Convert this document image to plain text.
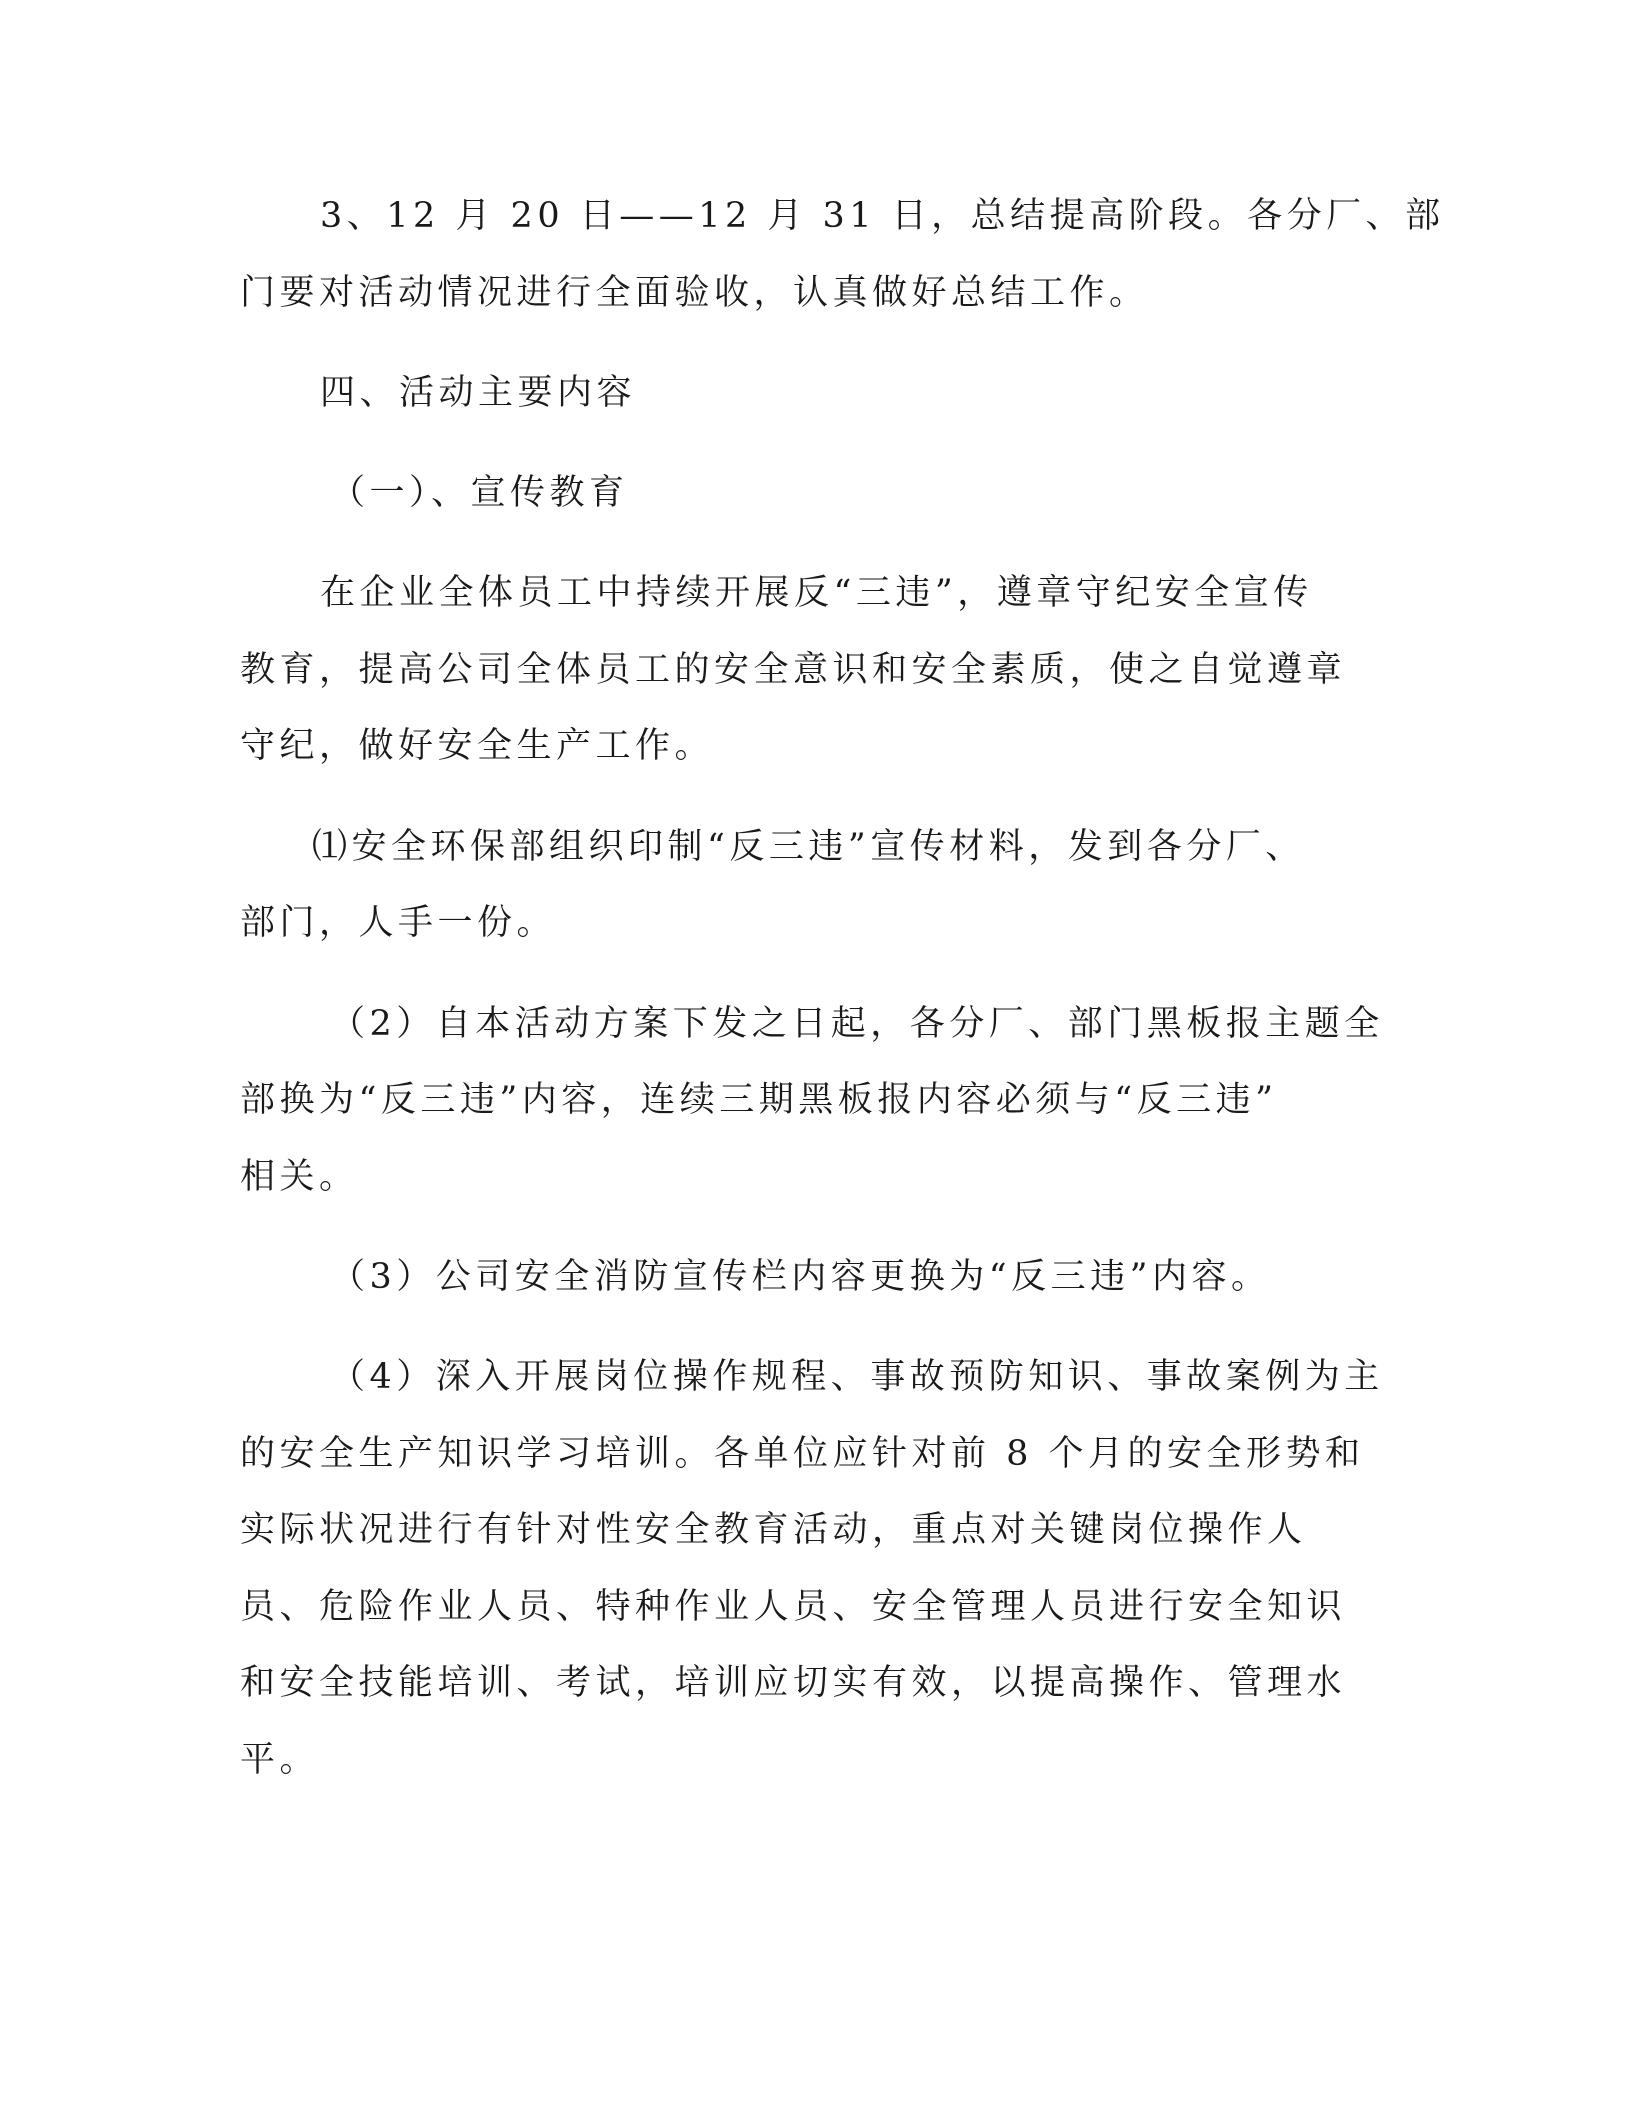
3、12 月 20 日——12 月 31 日，总结提高阶段。各分厂、部
门要对活动情况进行全面验收，认真做好总结工作。
四、活动主要内容
（一）、宣传教育
在企业全体员工中持续开展反“三违”，遵章守纪安全宣传
教育，提高公司全体员工的安全意识和安全素质，使之自觉遵章
守纪，做好安全生产工作。
⑴安全环保部组织印制“反三违”宣传材料，发到各分厂、
部门，人手一份。
（2）自本活动方案下发之日起，各分厂、部门黑板报主题全
部换为“反三违”内容，连续三期黑板报内容必须与“反三违”
相关。
（3）公司安全消防宣传栏内容更换为“反三违”内容。
（4）深入开展岗位操作规程、事故预防知识、事故案例为主
的安全生产知识学习培训。各单位应针对前 8 个月的安全形势和
实际状况进行有针对性安全教育活动，重点对关键岗位操作人
员、危险作业人员、特种作业人员、安全管理人员进行安全知识
和安全技能培训、考试，培训应切实有效，以提高操作、管理水
平。
